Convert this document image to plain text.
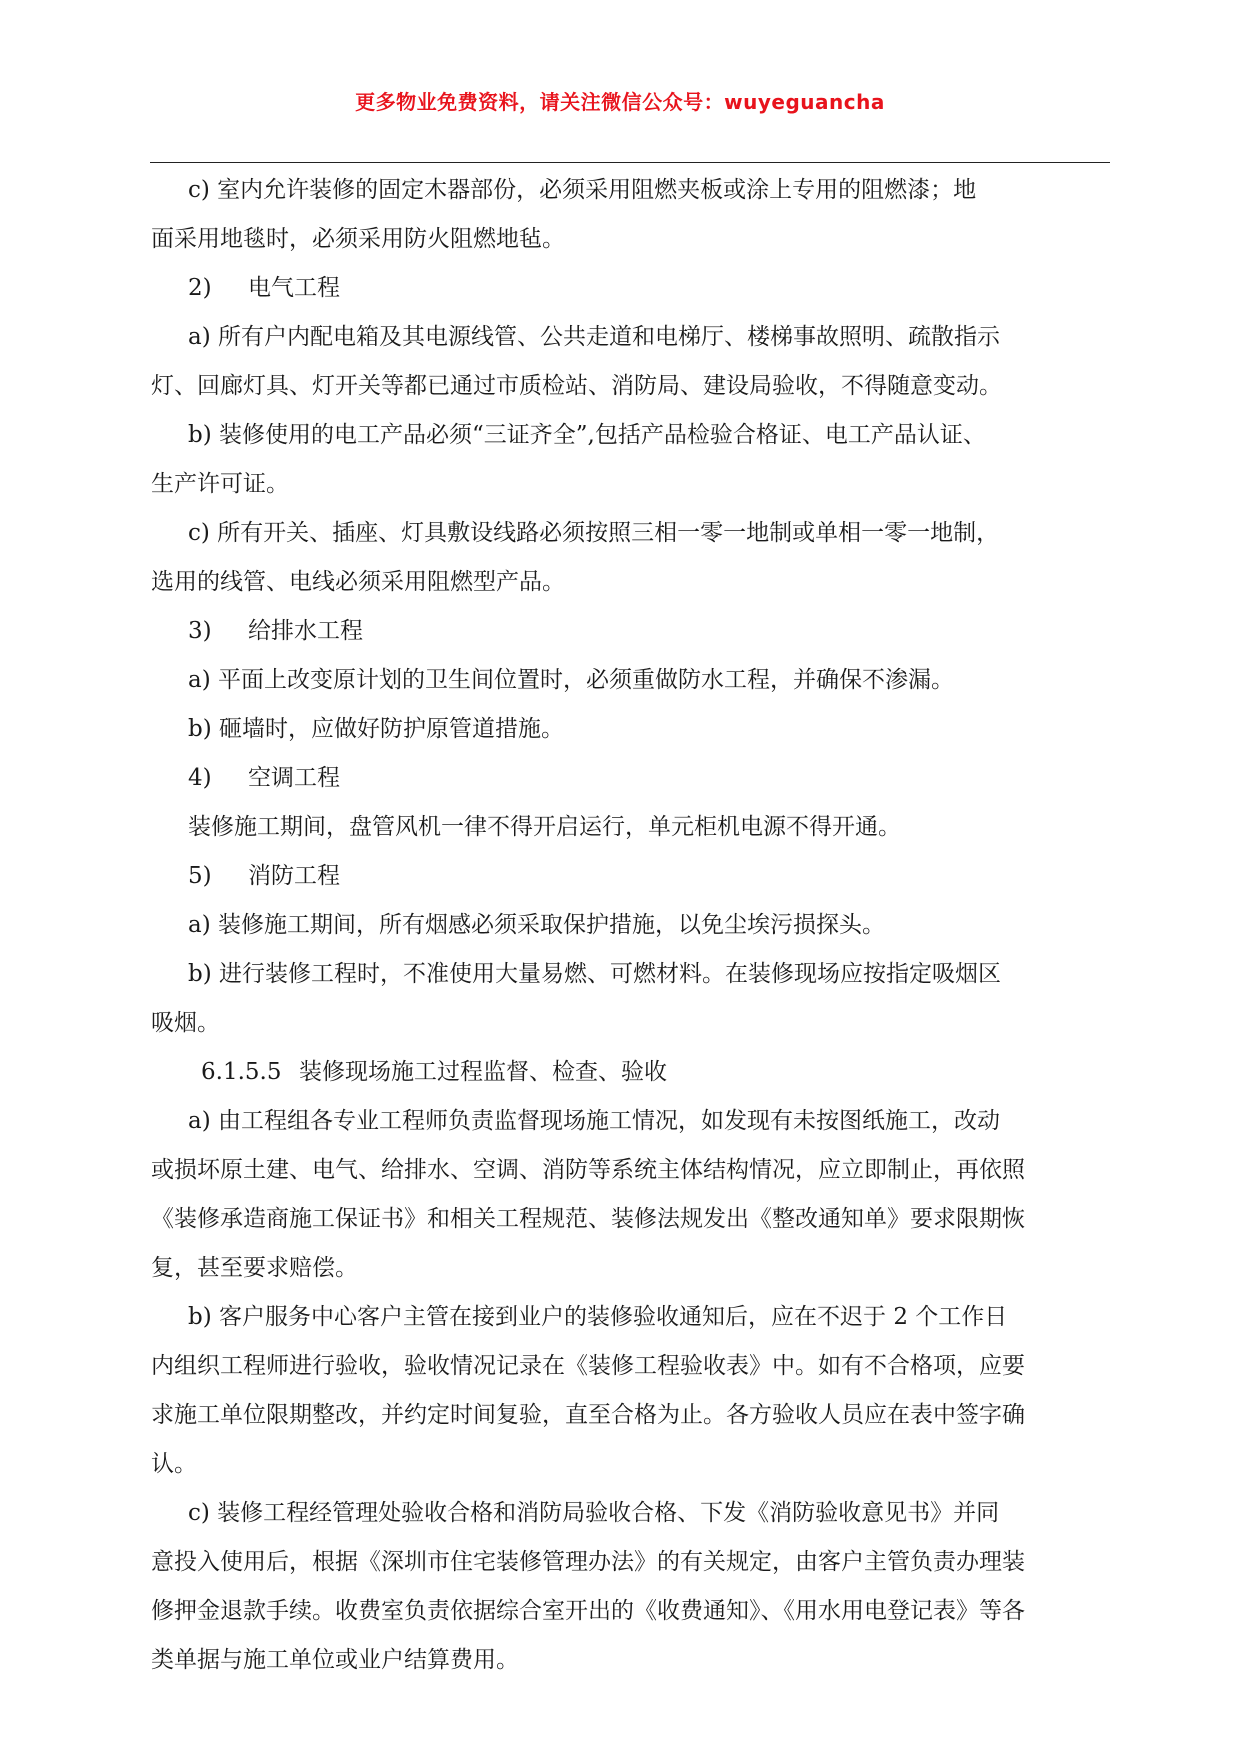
更多物业免费资料，请关注微信公众号：wuyeguancha

c) 室内允许装修的固定木器部份，必须采用阻燃夹板或涂上专用的阻燃漆；地

面采用地毯时，必须采用防火阻燃地毡。

2) 电气工程

a) 所有户内配电箱及其电源线管、公共走道和电梯厅、楼梯事故照明、疏散指示

灯、回廊灯具、灯开关等都已通过市质检站、消防局、建设局验收，不得随意变动。

b) 装修使用的电工产品必须“三证齐全”,包括产品检验合格证、电工产品认证、

生产许可证。

c) 所有开关、插座、灯具敷设线路必须按照三相一零一地制或单相一零一地制，

选用的线管、电线必须采用阻燃型产品。

3) 给排水工程

a) 平面上改变原计划的卫生间位置时，必须重做防水工程，并确保不渗漏。

b) 砸墙时，应做好防护原管道措施。

4) 空调工程

装修施工期间，盘管风机一律不得开启运行，单元柜机电源不得开通。

5) 消防工程

a) 装修施工期间，所有烟感必须采取保护措施，以免尘埃污损探头。

b) 进行装修工程时，不准使用大量易燃、可燃材料。在装修现场应按指定吸烟区

吸烟。

6.1.5.5 装修现场施工过程监督、检查、验收

a) 由工程组各专业工程师负责监督现场施工情况，如发现有未按图纸施工，改动

或损坏原土建、电气、给排水、空调、消防等系统主体结构情况，应立即制止，再依照

《装修承造商施工保证书》和相关工程规范、装修法规发出《整改通知单》要求限期恢

复，甚至要求赔偿。

b) 客户服务中心客户主管在接到业户的装修验收通知后，应在不迟于 2 个工作日

内组织工程师进行验收，验收情况记录在《装修工程验收表》中。如有不合格项，应要

求施工单位限期整改，并约定时间复验，直至合格为止。各方验收人员应在表中签字确

认。

c) 装修工程经管理处验收合格和消防局验收合格、下发《消防验收意见书》并同

意投入使用后，根据《深圳市住宅装修管理办法》的有关规定，由客户主管负责办理装

修押金退款手续。收费室负责依据综合室开出的《收费通知》、《用水用电登记表》等各

类单据与施工单位或业户结算费用。
